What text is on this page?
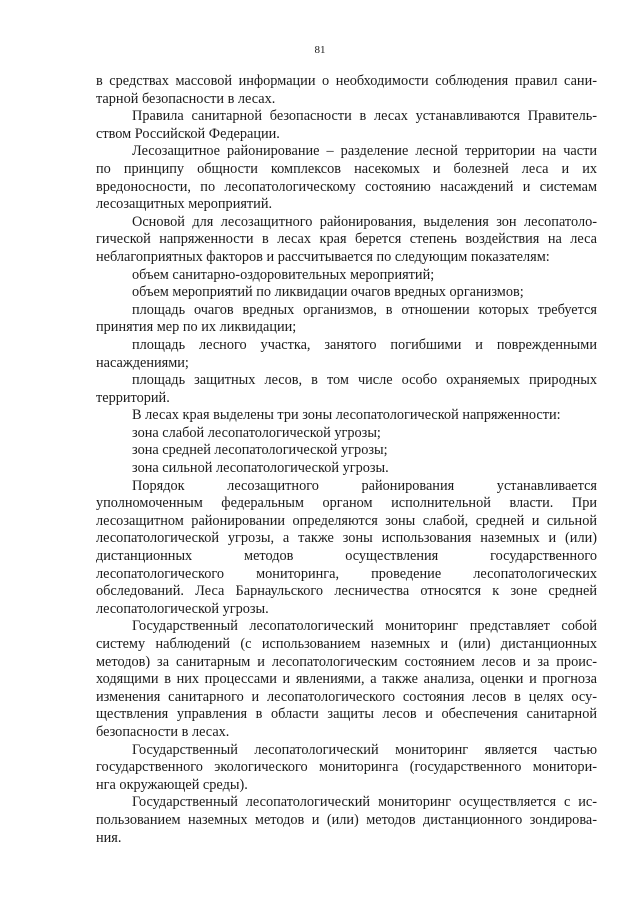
81
в средствах массовой информации о необходимости соблюдения правил сани-
тарной безопасности в лесах.
Правила санитарной безопасности в лесах устанавливаются Правитель-
ством Российской Федерации.
Лесозащитное районирование – разделение лесной территории на части
по принципу общности комплексов насекомых и болезней леса и их
вредоносности, по лесопатологическому состоянию насаждений и системам
лесозащитных мероприятий.
Основой для лесозащитного районирования, выделения зон лесопатоло-
гической напряженности в лесах края берется степень воздействия на леса
неблагоприятных факторов и рассчитывается по следующим показателям:
объем санитарно-оздоровительных мероприятий;
объем мероприятий по ликвидации очагов вредных организмов;
площадь очагов вредных организмов, в отношении которых требуется
принятия мер по их ликвидации;
площадь лесного участка, занятого погибшими и поврежденными
насаждениями;
площадь защитных лесов, в том числе особо охраняемых природных
территорий.
В лесах края выделены три зоны лесопатологической напряженности:
зона слабой лесопатологической угрозы;
зона средней лесопатологической угрозы;
зона сильной лесопатологической угрозы.
Порядок лесозащитного районирования устанавливается
уполномоченным федеральным органом исполнительной власти. При
лесозащитном районировании определяются зоны слабой, средней и сильной
лесопатологической угрозы, а также зоны использования наземных и (или)
дистанционных методов осуществления государственного
лесопатологического мониторинга, проведение лесопатологических
обследований. Леса Барнаульского лесничества относятся к зоне средней
лесопатологической угрозы.
Государственный лесопатологический мониторинг представляет собой
систему наблюдений (с использованием наземных и (или) дистанционных
методов) за санитарным и лесопатологическим состоянием лесов и за проис-
ходящими в них процессами и явлениями, а также анализа, оценки и прогноза
изменения санитарного и лесопатологического состояния лесов в целях осу-
ществления управления в области защиты лесов и обеспечения санитарной
безопасности в лесах.
Государственный лесопатологический мониторинг является частью
государственного экологического мониторинга (государственного монитори-
нга окружающей среды).
Государственный лесопатологический мониторинг осуществляется с ис-
пользованием наземных методов и (или) методов дистанционного зондирова-
ния.
